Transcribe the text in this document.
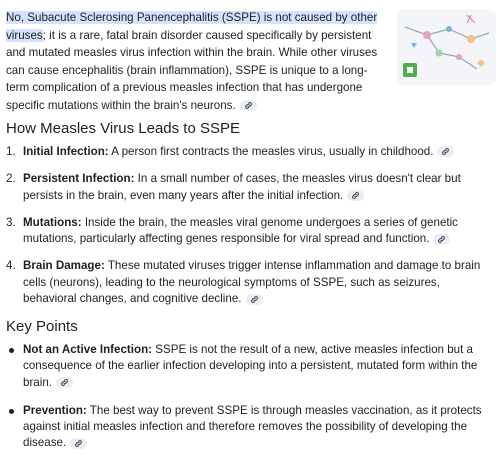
No, Subacute Sclerosing Panencephalitis (SSPE) is not caused by other viruses; it is a rare, fatal brain disorder caused specifically by persistent and mutated measles virus infection within the brain. While other viruses can cause encephalitis (brain inflammation), SSPE is unique to a long-term complication of a previous measles infection that has undergone specific mutations within the brain's neurons.
How Measles Virus Leads to SSPE
1. Initial Infection: A person first contracts the measles virus, usually in childhood.
2. Persistent Infection: In a small number of cases, the measles virus doesn't clear but persists in the brain, even many years after the initial infection.
3. Mutations: Inside the brain, the measles viral genome undergoes a series of genetic mutations, particularly affecting genes responsible for viral spread and function.
4. Brain Damage: These mutated viruses trigger intense inflammation and damage to brain cells (neurons), leading to the neurological symptoms of SSPE, such as seizures, behavioral changes, and cognitive decline.
Key Points
Not an Active Infection: SSPE is not the result of a new, active measles infection but a consequence of the earlier infection developing into a persistent, mutated form within the brain.
Prevention: The best way to prevent SSPE is through measles vaccination, as it protects against initial measles infection and therefore removes the possibility of developing the disease.
